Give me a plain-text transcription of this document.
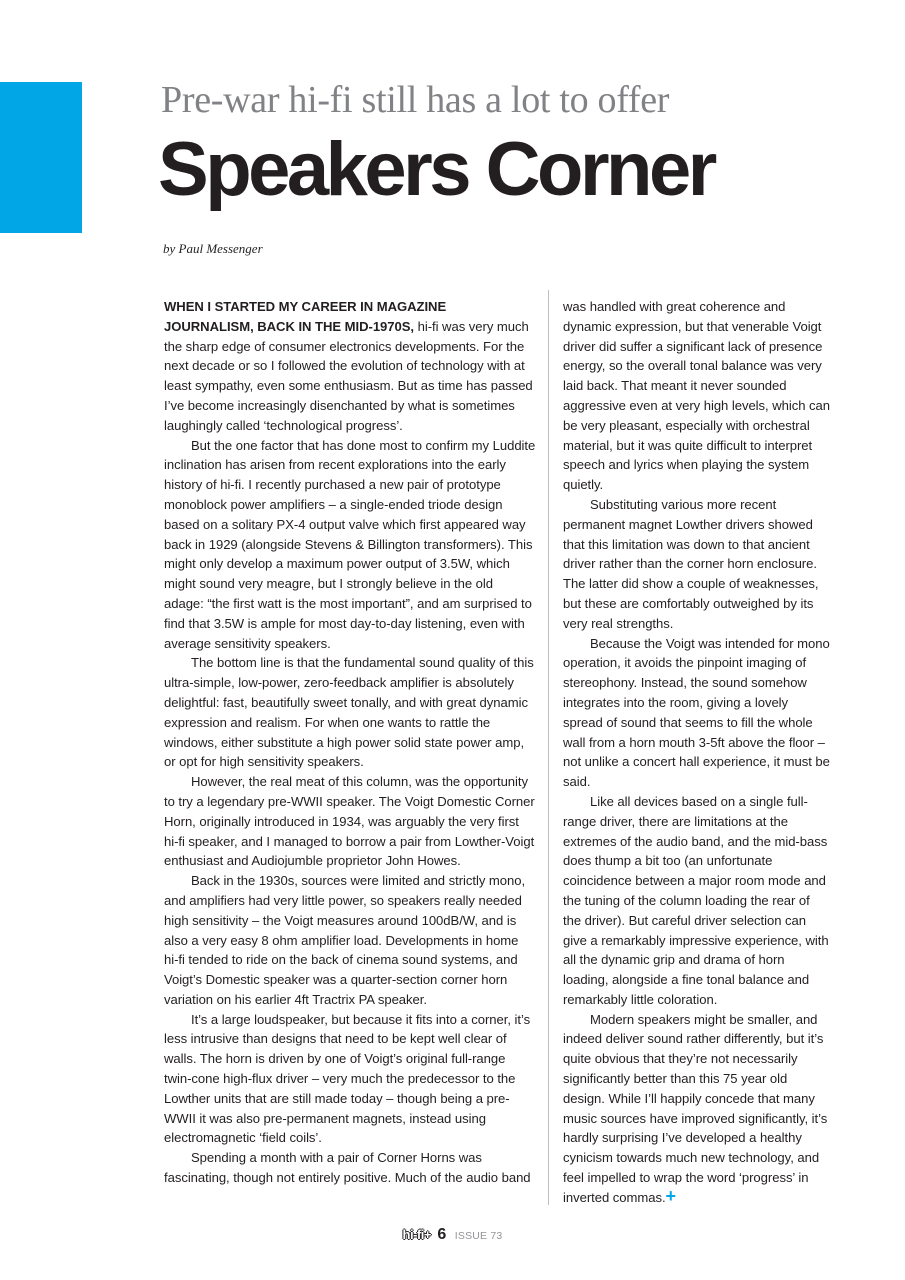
Pre-war hi-fi still has a lot to offer
Speakers Corner
by Paul Messenger

WHEN I STARTED MY CAREER IN MAGAZINE JOURNALISM, BACK IN THE MID-1970S, hi-fi was very much the sharp edge of consumer electronics developments. For the next decade or so I followed the evolution of technology with at least sympathy, even some enthusiasm. But as time has passed I’ve become increasingly disenchanted by what is sometimes laughingly called ‘technological progress’.

But the one factor that has done most to confirm my Luddite inclination has arisen from recent explorations into the early history of hi-fi. I recently purchased a new pair of prototype monoblock power amplifiers – a single-ended triode design based on a solitary PX-4 output valve which first appeared way back in 1929 (alongside Stevens & Billington transformers). This might only develop a maximum power output of 3.5W, which might sound very meagre, but I strongly believe in the old adage: “the first watt is the most important”, and am surprised to find that 3.5W is ample for most day-to-day listening, even with average sensitivity speakers.

The bottom line is that the fundamental sound quality of this ultra-simple, low-power, zero-feedback amplifier is absolutely delightful: fast, beautifully sweet tonally, and with great dynamic expression and realism. For when one wants to rattle the windows, either substitute a high power solid state power amp, or opt for high sensitivity speakers.

However, the real meat of this column, was the opportunity to try a legendary pre-WWII speaker. The Voigt Domestic Corner Horn, originally introduced in 1934, was arguably the very first hi-fi speaker, and I managed to borrow a pair from Lowther-Voigt enthusiast and Audiojumble proprietor John Howes.

Back in the 1930s, sources were limited and strictly mono, and amplifiers had very little power, so speakers really needed high sensitivity – the Voigt measures around 100dB/W, and is also a very easy 8 ohm amplifier load. Developments in home hi-fi tended to ride on the back of cinema sound systems, and Voigt’s Domestic speaker was a quarter-section corner horn variation on his earlier 4ft Tractrix PA speaker.

It’s a large loudspeaker, but because it fits into a corner, it’s less intrusive than designs that need to be kept well clear of walls. The horn is driven by one of Voigt’s original full-range twin-cone high-flux driver – very much the predecessor to the Lowther units that are still made today – though being a pre-WWII it was also pre-permanent magnets, instead using electromagnetic ‘field coils’.

Spending a month with a pair of Corner Horns was fascinating, though not entirely positive. Much of the audio band

was handled with great coherence and dynamic expression, but that venerable Voigt driver did suffer a significant lack of presence energy, so the overall tonal balance was very laid back. That meant it never sounded aggressive even at very high levels, which can be very pleasant, especially with orchestral material, but it was quite difficult to interpret speech and lyrics when playing the system quietly.

Substituting various more recent permanent magnet Lowther drivers showed that this limitation was down to that ancient driver rather than the corner horn enclosure. The latter did show a couple of weaknesses, but these are comfortably outweighed by its very real strengths.

Because the Voigt was intended for mono operation, it avoids the pinpoint imaging of stereophony. Instead, the sound somehow integrates into the room, giving a lovely spread of sound that seems to fill the whole wall from a horn mouth 3-5ft above the floor – not unlike a concert hall experience, it must be said.

Like all devices based on a single full-range driver, there are limitations at the extremes of the audio band, and the mid-bass does thump a bit too (an unfortunate coincidence between a major room mode and the tuning of the column loading the rear of the driver). But careful driver selection can give a remarkably impressive experience, with all the dynamic grip and drama of horn loading, alongside a fine tonal balance and remarkably little coloration.

Modern speakers might be smaller, and indeed deliver sound rather differently, but it’s quite obvious that they’re not necessarily significantly better than this 75 year old design. While I’ll happily concede that many music sources have improved significantly, it’s hardly surprising I’ve developed a healthy cynicism towards much new technology, and feel impelled to wrap the word ‘progress’ in inverted commas.+

hi-fi+ 6 ISSUE 73
